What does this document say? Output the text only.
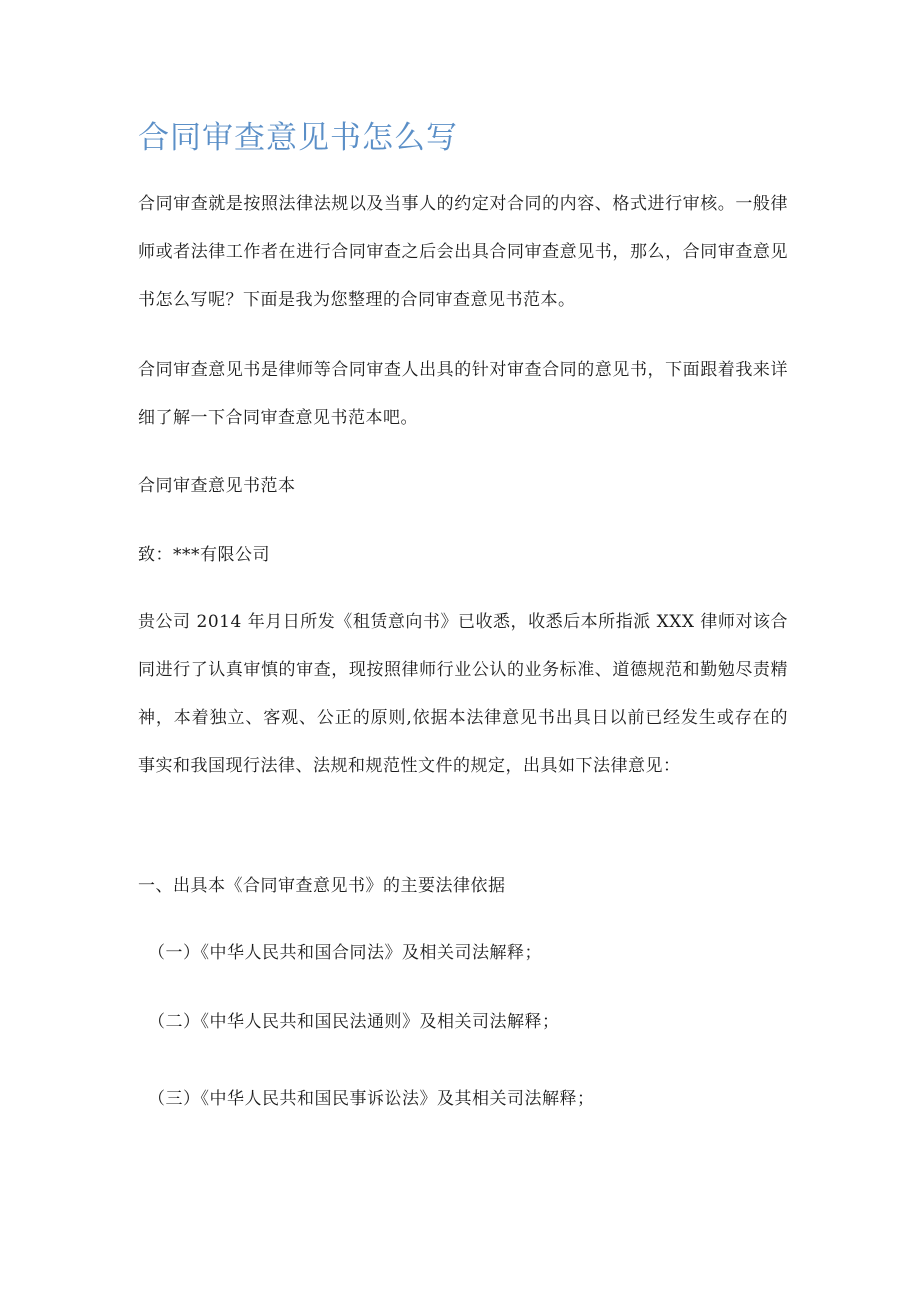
合同审查意见书怎么写
合同审查就是按照法律法规以及当事人的约定对合同的内容、格式进行审核。一般律师或者法律工作者在进行合同审查之后会出具合同审查意见书，那么，合同审查意见书怎么写呢？下面是我为您整理的合同审查意见书范本。
合同审查意见书是律师等合同审查人出具的针对审查合同的意见书，下面跟着我来详细了解一下合同审查意见书范本吧。
合同审查意见书范本
致：***有限公司
贵公司 2014 年月日所发《租赁意向书》已收悉，收悉后本所指派 XXX 律师对该合同进行了认真审慎的审查，现按照律师行业公认的业务标准、道德规范和勤勉尽责精神，本着独立、客观、公正的原则,依据本法律意见书出具日以前已经发生或存在的事实和我国现行法律、法规和规范性文件的规定，出具如下法律意见：
一、出具本《合同审查意见书》的主要法律依据
（一）《中华人民共和国合同法》及相关司法解释；
（二）《中华人民共和国民法通则》及相关司法解释；
（三）《中华人民共和国民事诉讼法》及其相关司法解释；
